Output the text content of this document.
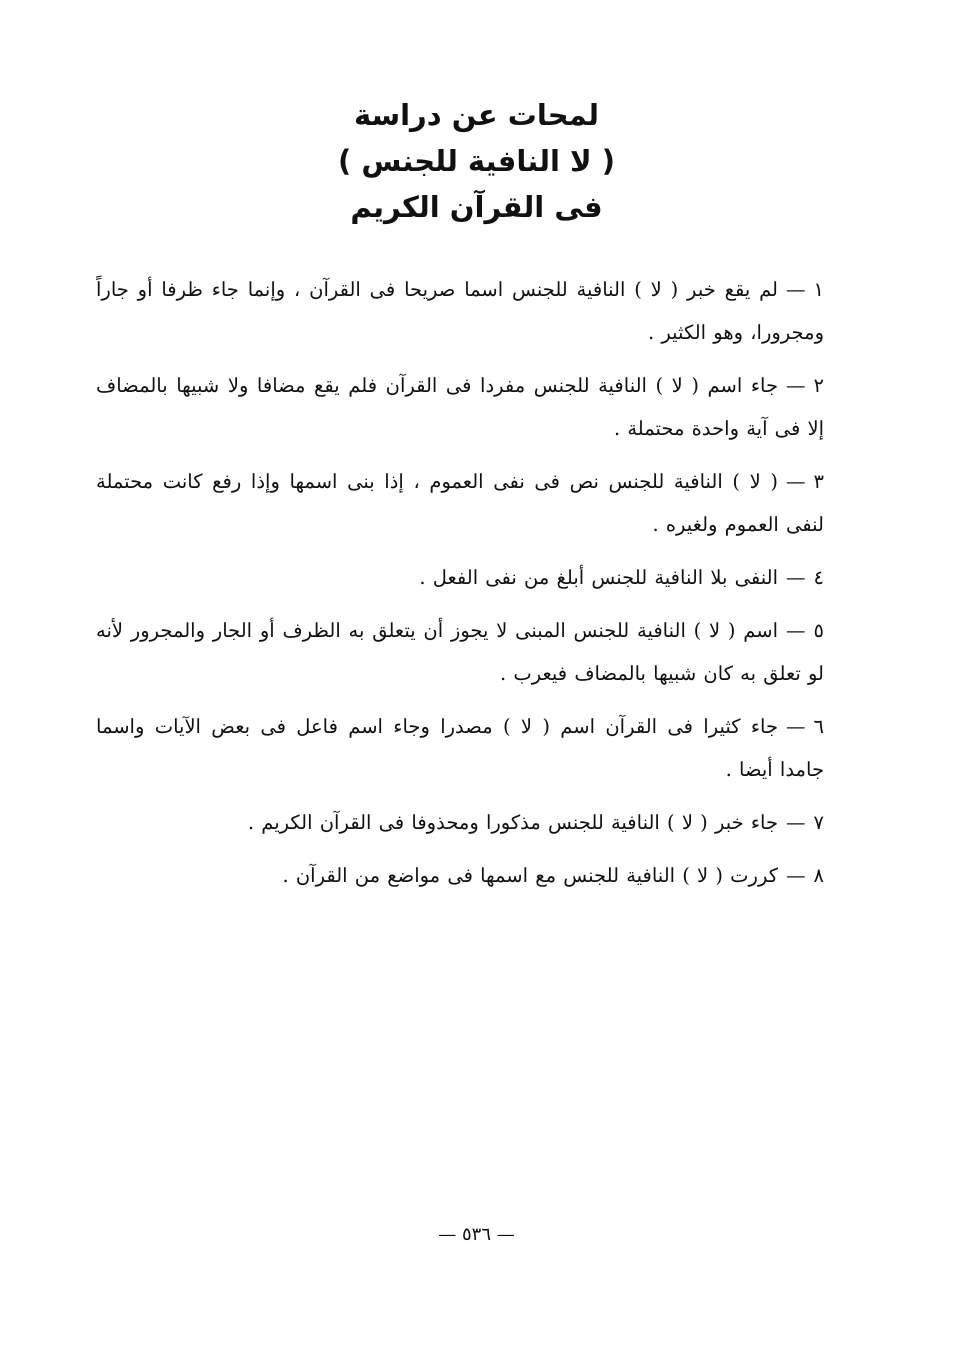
لمحات عن دراسة

( لا النافية للجنس )

فى القرآن الكريم

١—لم يقع خبر ( لا ) النافية للجنس اسما صريحا فى القرآن ، وإنما جاء ظرفا أو جاراً ومجرورا، وهو الكثير .
٢—جاء اسم ( لا ) النافية للجنس مفردا فى القرآن فلم يقع مضافا ولا شبيها بالمضاف إلا فى آية واحدة محتملة .
٣—( لا ) النافية للجنس نص فى نفى العموم ، إذا بنى اسمها وإذا رفع كانت محتملة لنفى العموم ولغيره .
٤—النفى بلا النافية للجنس أبلغ من نفى الفعل .
٥—اسم ( لا ) النافية للجنس المبنى لا يجوز أن يتعلق به الظرف أو الجار والمجرور لأنه لو تعلق به كان شبيها بالمضاف فيعرب .
٦—جاء كثيرا فى القرآن اسم ( لا ) مصدرا وجاء اسم فاعل فى بعض الآيات واسما جامدا أيضا .
٧—جاء خبر ( لا ) النافية للجنس مذكورا ومحذوفا فى القرآن الكريم .
٨—كررت ( لا ) النافية للجنس مع اسمها فى مواضع من القرآن .
— ٥٣٦ —
